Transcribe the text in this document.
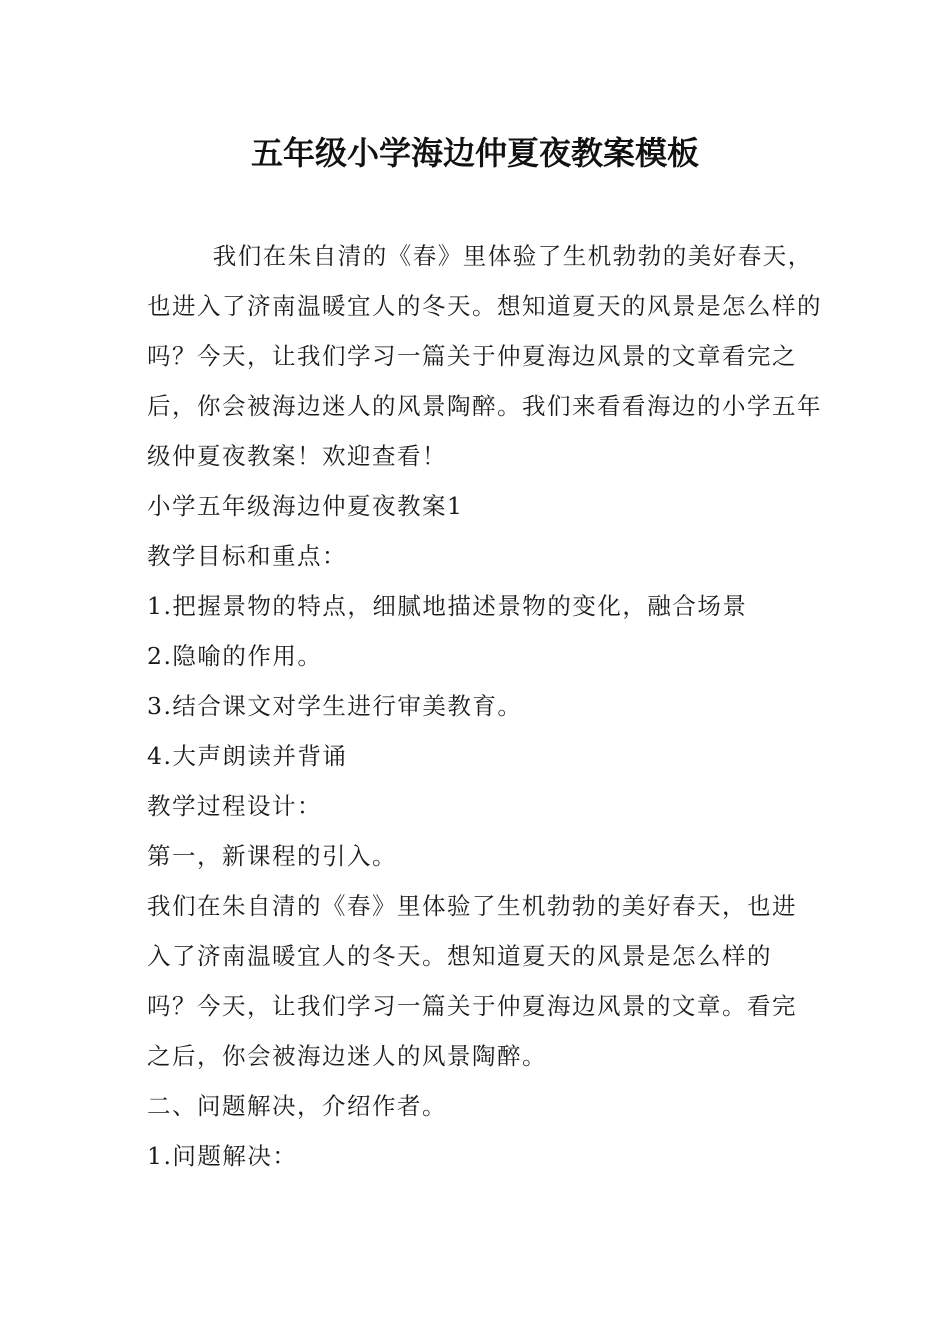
五年级小学海边仲夏夜教案模板

我们在朱自清的《春》里体验了生机勃勃的美好春天，也进入了济南温暖宜人的冬天。想知道夏天的风景是怎么样的吗？今天，让我们学习一篇关于仲夏海边风景的文章看完之后，你会被海边迷人的风景陶醉。我们来看看海边的小学五年级仲夏夜教案！欢迎查看！

小学五年级海边仲夏夜教案1

教学目标和重点：

1.把握景物的特点，细腻地描述景物的变化，融合场景

2.隐喻的作用。

3.结合课文对学生进行审美教育。

4.大声朗读并背诵

教学过程设计：

第一，新课程的引入。

我们在朱自清的《春》里体验了生机勃勃的美好春天，也进入了济南温暖宜人的冬天。想知道夏天的风景是怎么样的吗？今天，让我们学习一篇关于仲夏海边风景的文章。看完之后，你会被海边迷人的风景陶醉。

二、问题解决，介绍作者。

1.问题解决：
